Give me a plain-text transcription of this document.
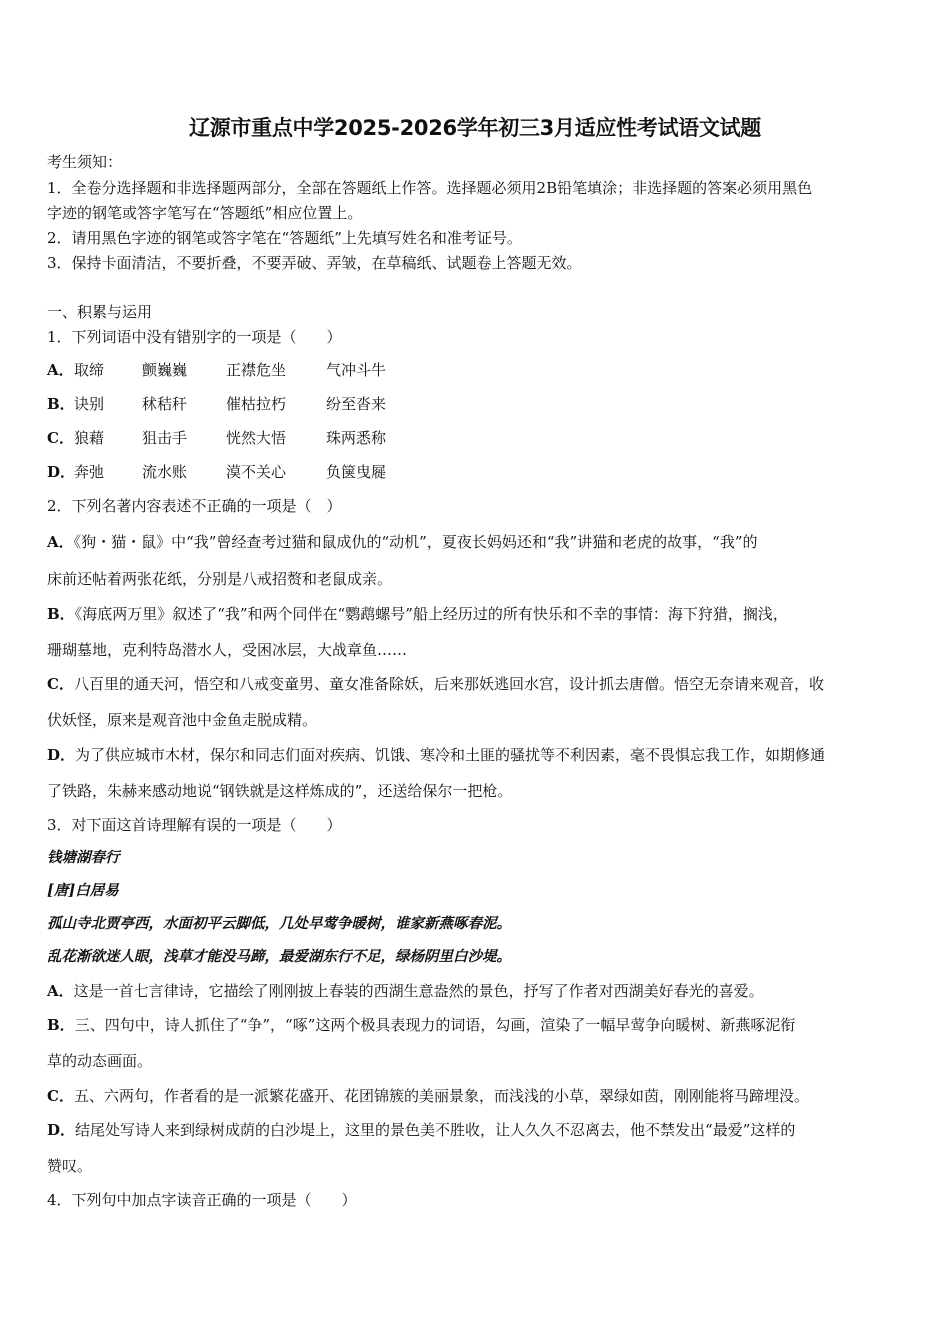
辽源市重点中学2025-2026学年初三3月适应性考试语文试题
考生须知：
1．全卷分选择题和非选择题两部分，全部在答题纸上作答。选择题必须用2B铅笔填涂；非选择题的答案必须用黑色
字迹的钢笔或答字笔写在“答题纸”相应位置上。
2．请用黑色字迹的钢笔或答字笔在“答题纸”上先填写姓名和准考证号。
3．保持卡面清洁，不要折叠，不要弄破、弄皱，在草稿纸、试题卷上答题无效。
一、积累与运用
1．下列词语中没有错别字的一项是（　　）
A．取缔	颤巍巍	正襟危坐	气冲斗牛
B．诀别	秫秸秆	催枯拉朽	纷至沓来
C．狼藉	狙击手	恍然大悟	珠两悉称
D．奔弛	流水账	漠不关心	负箧曳屣
2．下列名著内容表述不正确的一项是（　）
A．《狗・猫・鼠》中“我”曾经查考过猫和鼠成仇的“动机”，夏夜长妈妈还和“我”讲猫和老虎的故事，“我”的
床前还帖着两张花纸，分别是八戒招赘和老鼠成亲。
B．《海底两万里》叙述了“我”和两个同伴在“鹦鹉螺号”船上经历过的所有快乐和不幸的事情：海下狩猎，搁浅，
珊瑚墓地，克利特岛潜水人，受困冰层，大战章鱼……
C．八百里的通天河，悟空和八戒变童男、童女准备除妖，后来那妖逃回水宫，设计抓去唐僧。悟空无奈请来观音，收
伏妖怪，原来是观音池中金鱼走脱成精。
D．为了供应城市木材，保尔和同志们面对疾病、饥饿、寒冷和土匪的骚扰等不利因素，毫不畏惧忘我工作，如期修通
了铁路，朱赫来感动地说“钢铁就是这样炼成的”，还送给保尔一把枪。
3．对下面这首诗理解有误的一项是（　　）
钱塘湖春行
[唐]白居易
孤山寺北贾亭西，水面初平云脚低，几处早莺争暖树，谁家新燕啄春泥。
乱花渐欲迷人眼，浅草才能没马蹄，最爱湖东行不足，绿杨阴里白沙堤。
A．这是一首七言律诗，它描绘了刚刚披上春装的西湖生意盎然的景色，抒写了作者对西湖美好春光的喜爱。
B．三、四句中，诗人抓住了“争”，“啄”这两个极具表现力的词语，勾画，渲染了一幅早莺争向暖树、新燕啄泥衔
草的动态画面。
C．五、六两句，作者看的是一派繁花盛开、花团锦簇的美丽景象，而浅浅的小草，翠绿如茵，刚刚能将马蹄埋没。
D．结尾处写诗人来到绿树成荫的白沙堤上，这里的景色美不胜收，让人久久不忍离去，他不禁发出“最爱”这样的
赞叹。
4．下列句中加点字读音正确的一项是（　　）
